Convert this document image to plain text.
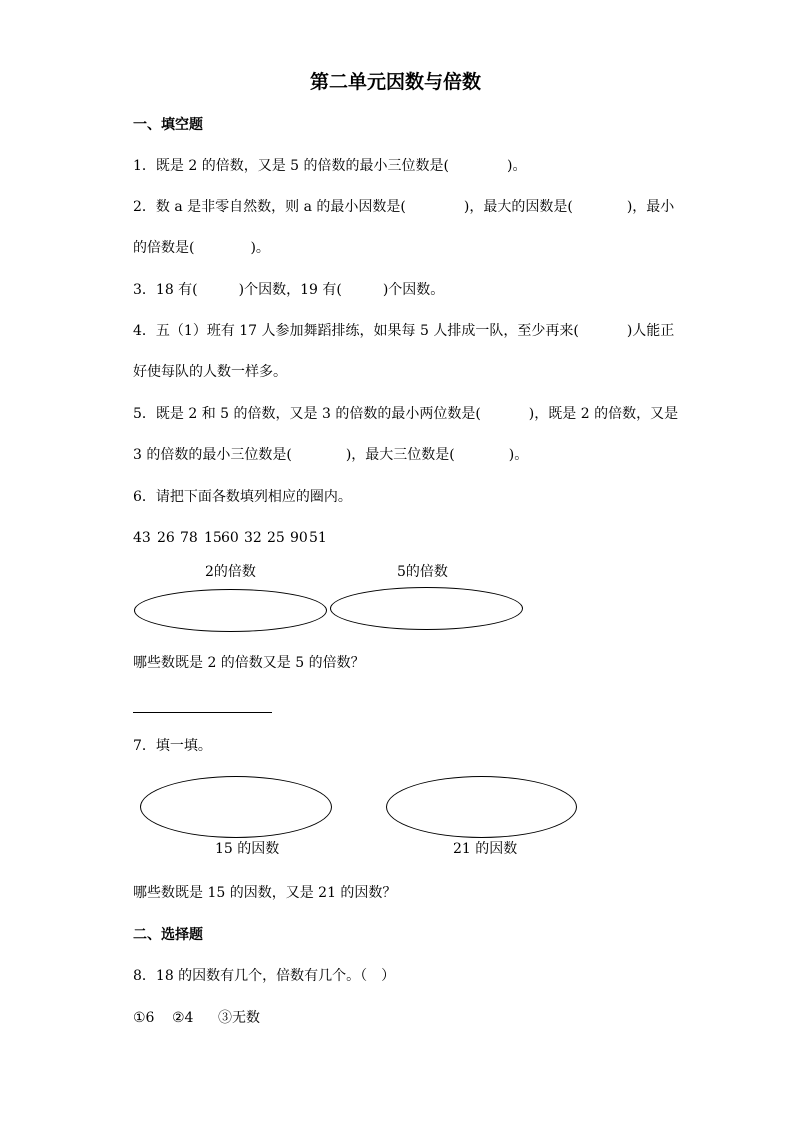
第二单元因数与倍数
一、填空题
1．既是 2 的倍数，又是 5 的倍数的最小三位数是(	)。
2．数 a 是非零自然数，则 a 的最小因数是(	)，最大的因数是(	)，最小
的倍数是(	)。
3．18 有(	)个因数，19 有(	)个因数。
4．五（1）班有 17 人参加舞蹈排练，如果每 5 人排成一队，至少再来(	)人能正
好使每队的人数一样多。
5．既是 2 和 5 的倍数，又是 3 的倍数的最小两位数是(	)，既是 2 的倍数，又是
3 的倍数的最小三位数是(	)，最大三位数是(	)。
6．请把下面各数填列相应的圈内。
43 26 78 15 60 32 25 90 51
2的倍数	5的倍数
哪些数既是 2 的倍数又是 5 的倍数？
7．填一填。
15 的因数	21 的因数
哪些数既是 15 的因数，又是 21 的因数？
二、选择题
8．18 的因数有几个，倍数有几个。（　）
①6 ②4 ③无数
